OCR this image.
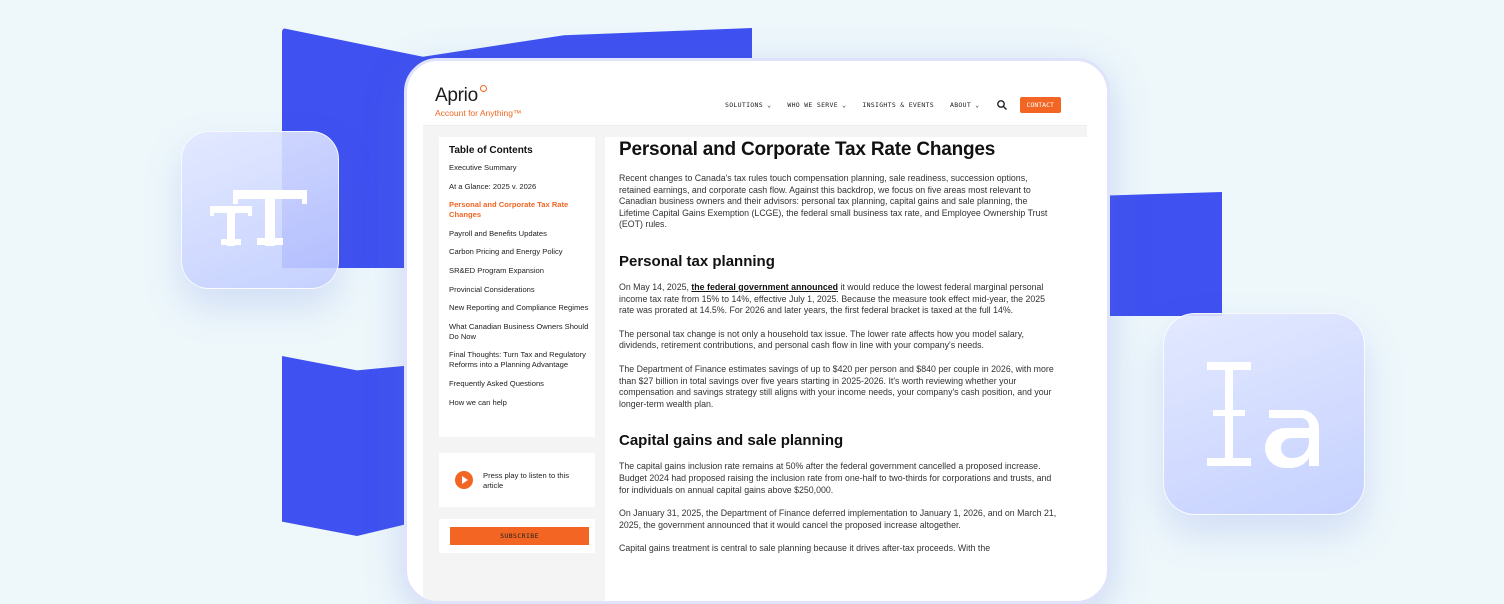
Aprio
Account for Anything™
SOLUTIONS ⌄ WHO WE SERVE ⌄ INSIGHTS & EVENTS ABOUT ⌄	CONTACT
Table of Contents
Executive Summary
At a Glance: 2025 v. 2026
Personal and Corporate Tax Rate Changes
Payroll and Benefits Updates
Carbon Pricing and Energy Policy
SR&ED Program Expansion
Provincial Considerations
New Reporting and Compliance Regimes
What Canadian Business Owners Should Do Now
Final Thoughts: Turn Tax and Regulatory Reforms into a Planning Advantage
Frequently Asked Questions
How we can help
Press play to listen to this article
SUBSCRIBE
Personal and Corporate Tax Rate Changes

Recent changes to Canada's tax rules touch compensation planning, sale readiness, succession options, retained earnings, and corporate cash flow. Against this backdrop, we focus on five areas most relevant to Canadian business owners and their advisors: personal tax planning, capital gains and sale planning, the Lifetime Capital Gains Exemption (LCGE), the federal small business tax rate, and Employee Ownership Trust (EOT) rules.

Personal tax planning

On May 14, 2025, the federal government announced it would reduce the lowest federal marginal personal income tax rate from 15% to 14%, effective July 1, 2025. Because the measure took effect mid-year, the 2025 rate was prorated at 14.5%. For 2026 and later years, the first federal bracket is taxed at the full 14%.

The personal tax change is not only a household tax issue. The lower rate affects how you model salary, dividends, retirement contributions, and personal cash flow in line with your company's needs.

The Department of Finance estimates savings of up to $420 per person and $840 per couple in 2026, with more than $27 billion in total savings over five years starting in 2025-2026. It's worth reviewing whether your compensation and savings strategy still aligns with your income needs, your company's cash position, and your longer-term wealth plan.

Capital gains and sale planning

The capital gains inclusion rate remains at 50% after the federal government cancelled a proposed increase. Budget 2024 had proposed raising the inclusion rate from one-half to two-thirds for corporations and trusts, and for individuals on annual capital gains above $250,000.

On January 31, 2025, the Department of Finance deferred implementation to January 1, 2026, and on March 21, 2025, the government announced that it would cancel the proposed increase altogether.

Capital gains treatment is central to sale planning because it drives after-tax proceeds. With the
